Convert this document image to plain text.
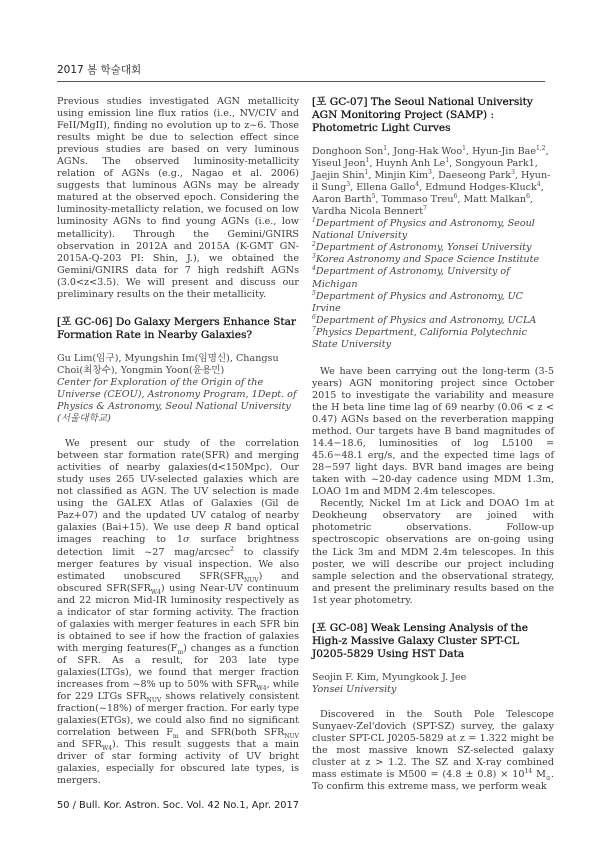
2017 봄 학술대회

Previous studies investigated AGN metallicity using emission line flux ratios (i.e., NV/CIV and FeII/MgII), finding no evolution up to z~6. Those results might be due to selection effect since previous studies are based on very luminous AGNs. The observed luminosity-metallicity relation of AGNs (e.g., Nagao et al. 2006) suggests that luminous AGNs may be already matured at the observed epoch. Considering the luminosity-metallicty relation, we focused on low luminosity AGNs to find young AGNs (i.e., low metallicity). Through the Gemini/GNIRS observation in 2012A and 2015A (K-GMT GN-2015A-Q-203 PI: Shin, J.), we obtained the Gemini/GNIRS data for 7 high redshift AGNs (3.0<z<3.5). We will present and discuss our preliminary results on the their metallicity.

[포 GC-06] Do Galaxy Mergers Enhance Star Formation Rate in Nearby Galaxies?

Gu Lim(임구), Myungshin Im(임명신), Changsu Choi(최창수), Yongmin Yoon(윤용민)

Center for Exploration of the Origin of the Universe (CEOU), Astronomy Program, 1Dept. of Physics & Astronomy, Seoul National University (서울대학교)

We present our study of the correlation between star formation rate(SFR) and merging activities of nearby galaxies(d<150Mpc). Our study uses 265 UV-selected galaxies which are not classified as AGN. The UV selection is made using the GALEX Atlas of Galaxies (Gil de Paz+07) and the updated UV catalog of nearby galaxies (Bai+15). We use deep R band optical images reaching to 1σ surface brightness detection limit ~27 mag/arcsec$^2$ to classify merger features by visual inspection. We also estimated unobscured $SFR(SFR_{NUV})$ and obscured $SFR(SFR_{W4})$ using Near-UV continuum and 22 micron Mid-IR luminosity respectively as a indicator of star forming activity. The fraction of galaxies with merger features in each SFR bin is obtained to see if how the fraction of galaxies with merging $features(F_m)$ changes as a function of SFR. As a result, for 203 late type galaxies(LTGs), we found that merger fraction increases from ~8% up to 50% with $SFR_{W4}$, while for 229 LTGs $SFR_{NUV}$ shows relatively consistent fraction(~18%) of merger fraction. For early type galaxies(ETGs), we could also find no significant correlation between $F_m$ and SFR(both $SFR_{NUV}$ and $SFR_{W4}$). This result suggests that a main driver of star forming activity of UV bright galaxies, especially for obscured late types, is mergers.

[포 GC-07] The Seoul National University AGN Monitoring Project (SAMP) : Photometric Light Curves

Donghoon Son$^1$, Jong-Hak Woo$^1$, Hyun-Jin Bae$^{1,2}$, Yiseul Jeon$^1$, Huynh Anh Le$^1$, Songyoun Park1, Jaejin Shin$^1$, Minjin Kim$^3$, Daeseong Park$^3$, Hyun-il Sung$^3$, Ellena Gallo$^4$, Edmund Hodges-Kluck$^4$, Aaron Barth$^5$, Tommaso Treu$^6$, Matt Malkan$^6$, Vardha Nicola Bennert$^7$

$^1$Department of Physics and Astronomy, Seoul National University

$^2$Department of Astronomy, Yonsei University

$^3$Korea Astronomy and Space Science Institute

$^4$Department of Astronomy, University of Michigan

$^5$Department of Physics and Astronomy, UC Irvine

$^6$Department of Physics and Astronomy, UCLA

$^7$Physics Department, California Polytechnic State University

We have been carrying out the long-term (3-5 years) AGN monitoring project since October 2015 to investigate the variability and measure the H beta line time lag of 69 nearby (0.06 < z < 0.47) AGNs based on the reverberation mapping method. Our targets have B band magnitudes of 14.4−18.6, luminosities of log L5100 = 45.6−48.1 erg/s, and the expected time lags of 28−597 light days. BVR band images are being taken with ~20-day cadence using MDM 1.3m, LOAO 1m and MDM 2.4m telescopes.

Recently, Nickel 1m at Lick and DOAO 1m at Deokheung observatory are joined with photometric observations. Follow-up spectroscopic observations are on-going using the Lick 3m and MDM 2.4m telescopes. In this poster, we will describe our project including sample selection and the observational strategy, and present the preliminary results based on the 1st year photometry.

[포 GC-08] Weak Lensing Analysis of the High-z Massive Galaxy Cluster SPT-CL J0205-5829 Using HST Data

Seojin F. Kim, Myungkook J. Jee

Yonsei University

Discovered in the South Pole Telescope Sunyaev-Zel'dovich (SPT-SZ) survey, the galaxy cluster SPT-CL J0205-5829 at z = 1.322 might be the most massive known SZ-selected galaxy cluster at z > 1.2. The SZ and X-ray combined mass estimate is $M500 = (4.8 \pm 0.8) \times 10^{14}$ $M_⊙$. To confirm this extreme mass, we perform weak

50 / Bull. Kor. Astron. Soc. Vol. 42 No.1, Apr. 2017
